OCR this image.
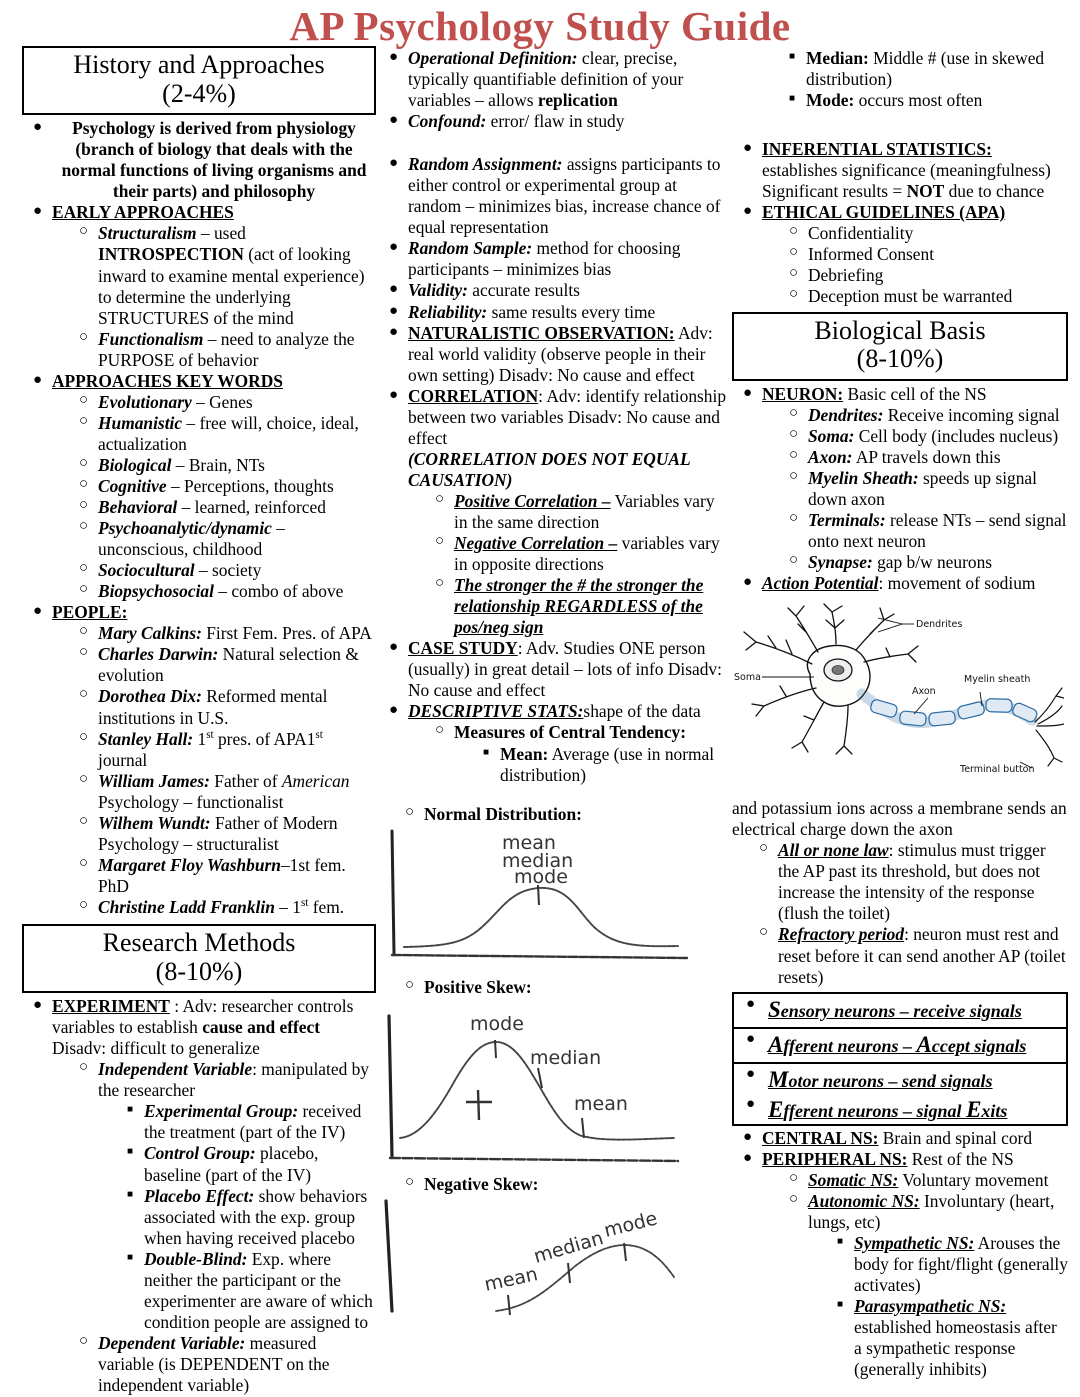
AP Psychology Study Guide
History and Approaches
(2-4%)
●	Psychology is derived from physiology (branch of biology that deals with the normal functions of living organisms and their parts) and philosophy
● EARLY APPROACHES
○ Structuralism – used INTROSPECTION (act of looking inward to examine mental experience) to determine the underlying STRUCTURES of the mind
○ Functionalism – need to analyze the PURPOSE of behavior
● APPROACHES KEY WORDS
○ Evolutionary – Genes
○ Humanistic – free will, choice, ideal, actualization
○ Biological – Brain, NTs
○ Cognitive – Perceptions, thoughts
○ Behavioral – learned, reinforced
○ Psychoanalytic/dynamic – unconscious, childhood
○ Sociocultural – society
○ Biopsychosocial – combo of above
● PEOPLE:
○ Mary Calkins: First Fem. Pres. of APA
○ Charles Darwin: Natural selection & evolution
○ Dorothea Dix: Reformed mental institutions in U.S.
○ Stanley Hall: 1st pres. of APA1st  journal
○ William James: Father of American Psychology – functionalist
○ Wilhem Wundt: Father of Modern Psychology – structuralist
○ Margaret Floy Washburn–1st fem. PhD
○ Christine Ladd Franklin – 1st fem.
Research Methods
(8-10%)
● EXPERIMENT : Adv: researcher controls variables to establish cause and effect Disadv: difficult to generalize
○ Independent Variable: manipulated by the researcher
■ Experimental Group: received the treatment (part of the IV)
■ Control Group: placebo, baseline (part of the IV)
■ Placebo Effect: show behaviors associated with the exp. group when having received placebo
■ Double-Blind: Exp. where neither the participant or the experimenter are aware of which condition people are assigned to
○ Dependent Variable: measured variable (is DEPENDENT on the independent variable)
● Operational Definition: clear, precise, typically quantifiable definition of your variables – allows replication
● Confound: error/ flaw in study
● Random Assignment: assigns participants to either control or experimental group at random – minimizes bias, increase chance of equal representation
● Random Sample: method for choosing participants – minimizes bias
● Validity: accurate results
● Reliability: same results every time
● NATURALISTIC OBSERVATION: Adv: real world validity (observe people in their own setting) Disadv: No cause and effect
● CORRELATION: Adv: identify relationship between two variables Disadv: No cause and effect
(CORRELATION DOES NOT EQUAL CAUSATION)
○ Positive Correlation – Variables vary in the same direction
○ Negative Correlation – variables vary in opposite directions
○ The stronger the # the stronger the relationship REGARDLESS of the pos/neg sign
● CASE STUDY: Adv. Studies ONE person (usually) in great detail – lots of info Disadv: No cause and effect
● DESCRIPTIVE STATS:shape of the data
○ Measures of Central Tendency:
■ Mean: Average (use in normal distribution)
○ Normal Distribution:
mean
median
mode
○ Positive Skew:
mode
median
mean
○ Negative Skew:
mean
median
mode
■ Median: Middle # (use in skewed distribution)
■ Mode: occurs most often
● INFERENTIAL STATISTICS:
establishes significance (meaningfulness) Significant results = NOT due to chance
● ETHICAL GUIDELINES (APA)
○ Confidentiality
○ Informed Consent
○ Debriefing
○ Deception must be warranted
Biological Basis
(8-10%)
● NEURON: Basic cell of the NS
○ Dendrites: Receive incoming signal
○ Soma: Cell body (includes nucleus)
○ Axon: AP travels down this
○ Myelin Sheath: speeds up signal down axon
○ Terminals: release NTs – send signal onto next neuron
○ Synapse: gap b/w neurons
● Action Potential: movement of sodium
Dendrites
Soma
Axon
Myelin sheath
Terminal button
and potassium ions across a membrane sends an electrical charge down the axon
○ All or none law: stimulus must trigger the AP past its threshold, but does not increase the intensity of the response (flush the toilet)
○ Refractory period: neuron must rest and reset before it can send another AP (toilet resets)
● Sensory neurons – receive signals
● Afferent neurons – Accept signals
● Motor neurons – send signals
● Efferent neurons – signal Exits
● CENTRAL NS: Brain and spinal cord
● PERIPHERAL NS: Rest of the NS
○ Somatic NS: Voluntary movement
○ Autonomic NS: Involuntary (heart, lungs, etc)
■ Sympathetic NS: Arouses the body for fight/flight (generally activates)
■ Parasympathetic NS: established homeostasis after a sympathetic response (generally inhibits)
